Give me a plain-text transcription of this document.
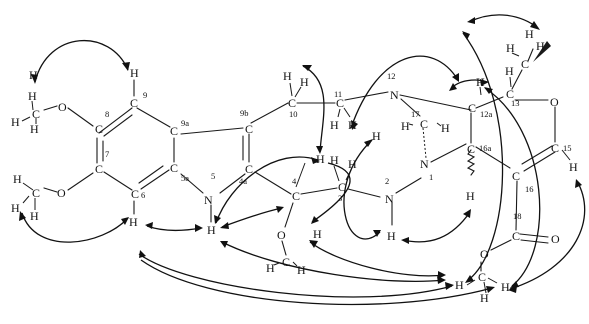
H	H
O
C
H
H H	C
C
C
C
C
C
O
C
H
H
H	H
N
H
C
C
C
H H
C
H H
C
H
O
C
H H
C
H H
H
N
H
N
C
H
H	H
N
C
H
C
H
C
H C
H
H
H
O
C
H
C
C	O
O
C
H
H
H
9
8
9a
7
6
5a	5	4a
9b	10
11
4
3
2
12
17
1
16a
12a
13
15
16
18
